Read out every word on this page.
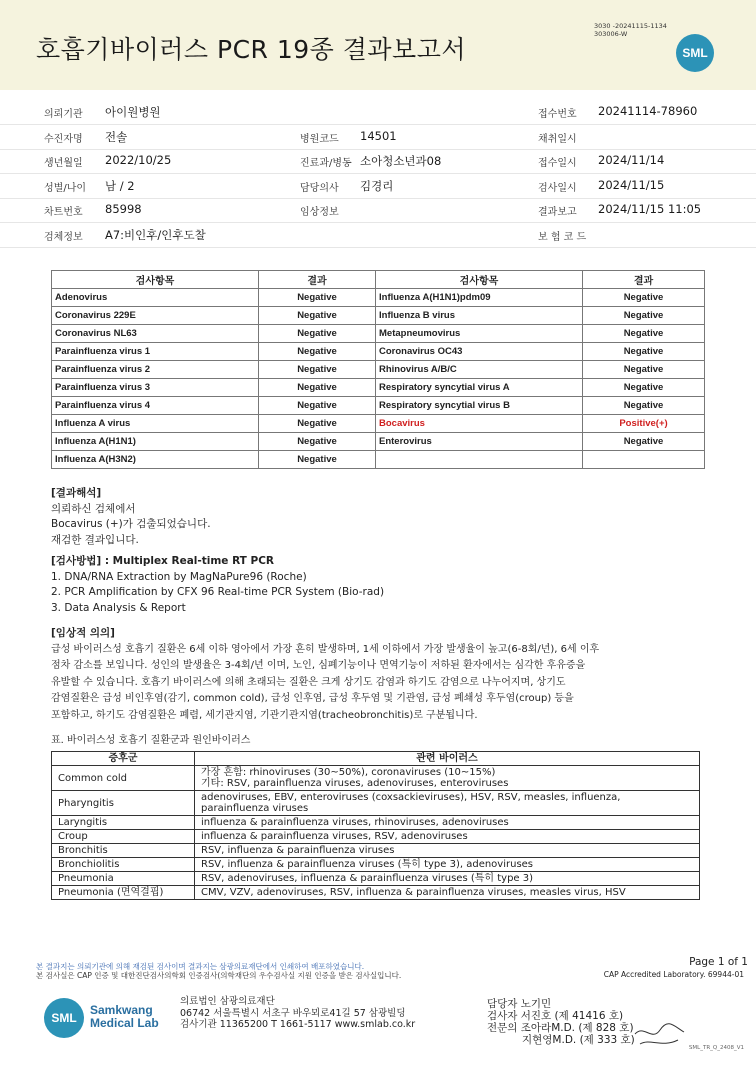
호흡기바이러스 PCR 19종 결과보고서
3030 -20241115-1134
303006-W
SML
의뢰기관 아이원병원	접수번호 20241114-78960
수진자명 전솔	병원코드 14501	채취일시
생년월일 2022/10/25	진료과/병동 소아청소년과08	접수일시 2024/11/14
성별/나이 남 / 2	담당의사 김경리	검사일시 2024/11/15
차트번호 85998	임상정보	결과보고 2024/11/15 11:05
검체정보 A7:비인후/인후도찰	보 험 코 드
검사항목	결과	검사항목	결과
Adenovirus	Negative	Influenza A(H1N1)pdm09	Negative
Coronavirus 229E	Negative	Influenza B virus	Negative
Coronavirus NL63	Negative	Metapneumovirus	Negative
Parainfluenza virus 1	Negative	Coronavirus OC43	Negative
Parainfluenza virus 2	Negative	Rhinovirus A/B/C	Negative
Parainfluenza virus 3	Negative	Respiratory syncytial virus A	Negative
Parainfluenza virus 4	Negative	Respiratory syncytial virus B	Negative
Influenza A virus	Negative	Bocavirus	Positive(+)
Influenza A(H1N1)	Negative	Enterovirus	Negative
Influenza A(H3N2)	Negative		
[결과해석]
의뢰하신 검체에서
Bocavirus (+)가 검출되었습니다.
재검한 결과입니다.
[검사방법] : Multiplex Real-time RT PCR
1. DNA/RNA Extraction by MagNaPure96 (Roche)
2. PCR Amplification by CFX 96 Real-time PCR System (Bio-rad)
3. Data Analysis & Report
[임상적 의의]
급성 바이러스성 호흡기 질환은 6세 이하 영아에서 가장 흔히 발생하며, 1세 이하에서 가장 발생율이 높고(6-8회/년), 6세 이후
점차 감소를 보입니다. 성인의 발생율은 3-4회/년 이며, 노인, 심폐기능이나 면역기능이 저하된 환자에서는 심각한 후유증을
유발할 수 있습니다. 호흡기 바이러스에 의해 초래되는 질환은 크게 상기도 감염과 하기도 감염으로 나누어지며, 상기도
감염질환은 급성 비인후염(감기, common cold), 급성 인후염, 급성 후두염 및 기관염, 급성 폐쇄성 후두염(croup) 등을
포함하고, 하기도 감염질환은 폐렴, 세기관지염, 기관기관지염(tracheobronchitis)로 구분됩니다.
표. 바이러스성 호흡기 질환군과 원인바이러스
증후군	관련 바이러스
Common cold	가장 흔함: rhinoviruses (30~50%), coronaviruses (10~15%)
기타: RSV, parainfluenza viruses, adenoviruses, enteroviruses

Pharyngitis	adenoviruses, EBV, enteroviruses (coxsackieviruses), HSV, RSV, measles, influenza,
parainfluenza viruses

Laryngitis	influenza & parainfluenza viruses, rhinoviruses, adenoviruses

Croup	influenza & parainfluenza viruses, RSV, adenoviruses

Bronchitis	RSV, influenza & parainfluenza viruses

Bronchiolitis	RSV, influenza & parainfluenza viruses (특히 type 3), adenoviruses

Pneumonia	RSV, adenoviruses, influenza & parainfluenza viruses (특히 type 3)

Pneumonia (면역결핍)	CMV, VZV, adenoviruses, RSV, influenza & parainfluenza viruses, measles virus, HSV
본 결과지는 의뢰기관에 의해 재검된 검사이며 결과지는 삼광의료재단에서 인쇄하여 배포하였습니다.
본 검사실은 CAP 인증 및 대한진단검사의학회 인증검사(의학재단의 우수검사실 지원 인증을 받은 검사실입니다.
Page 1 of 1
CAP Accredited Laboratory. 69944-01
SML
Samkwang
Medical Lab
의료법인 삼광의료재단
06742 서울특별시 서초구 바우뫼로41길 57 삼광빌딩
검사기관 11365200 T 1661-5117 www.smlab.co.kr
담당자 노기민
검사자 서진호 (제 41416 호)
전문의 조아라M.D. (제 828 호)
지현영M.D. (제 333 호)
SML_TR_Q_2408_V1
